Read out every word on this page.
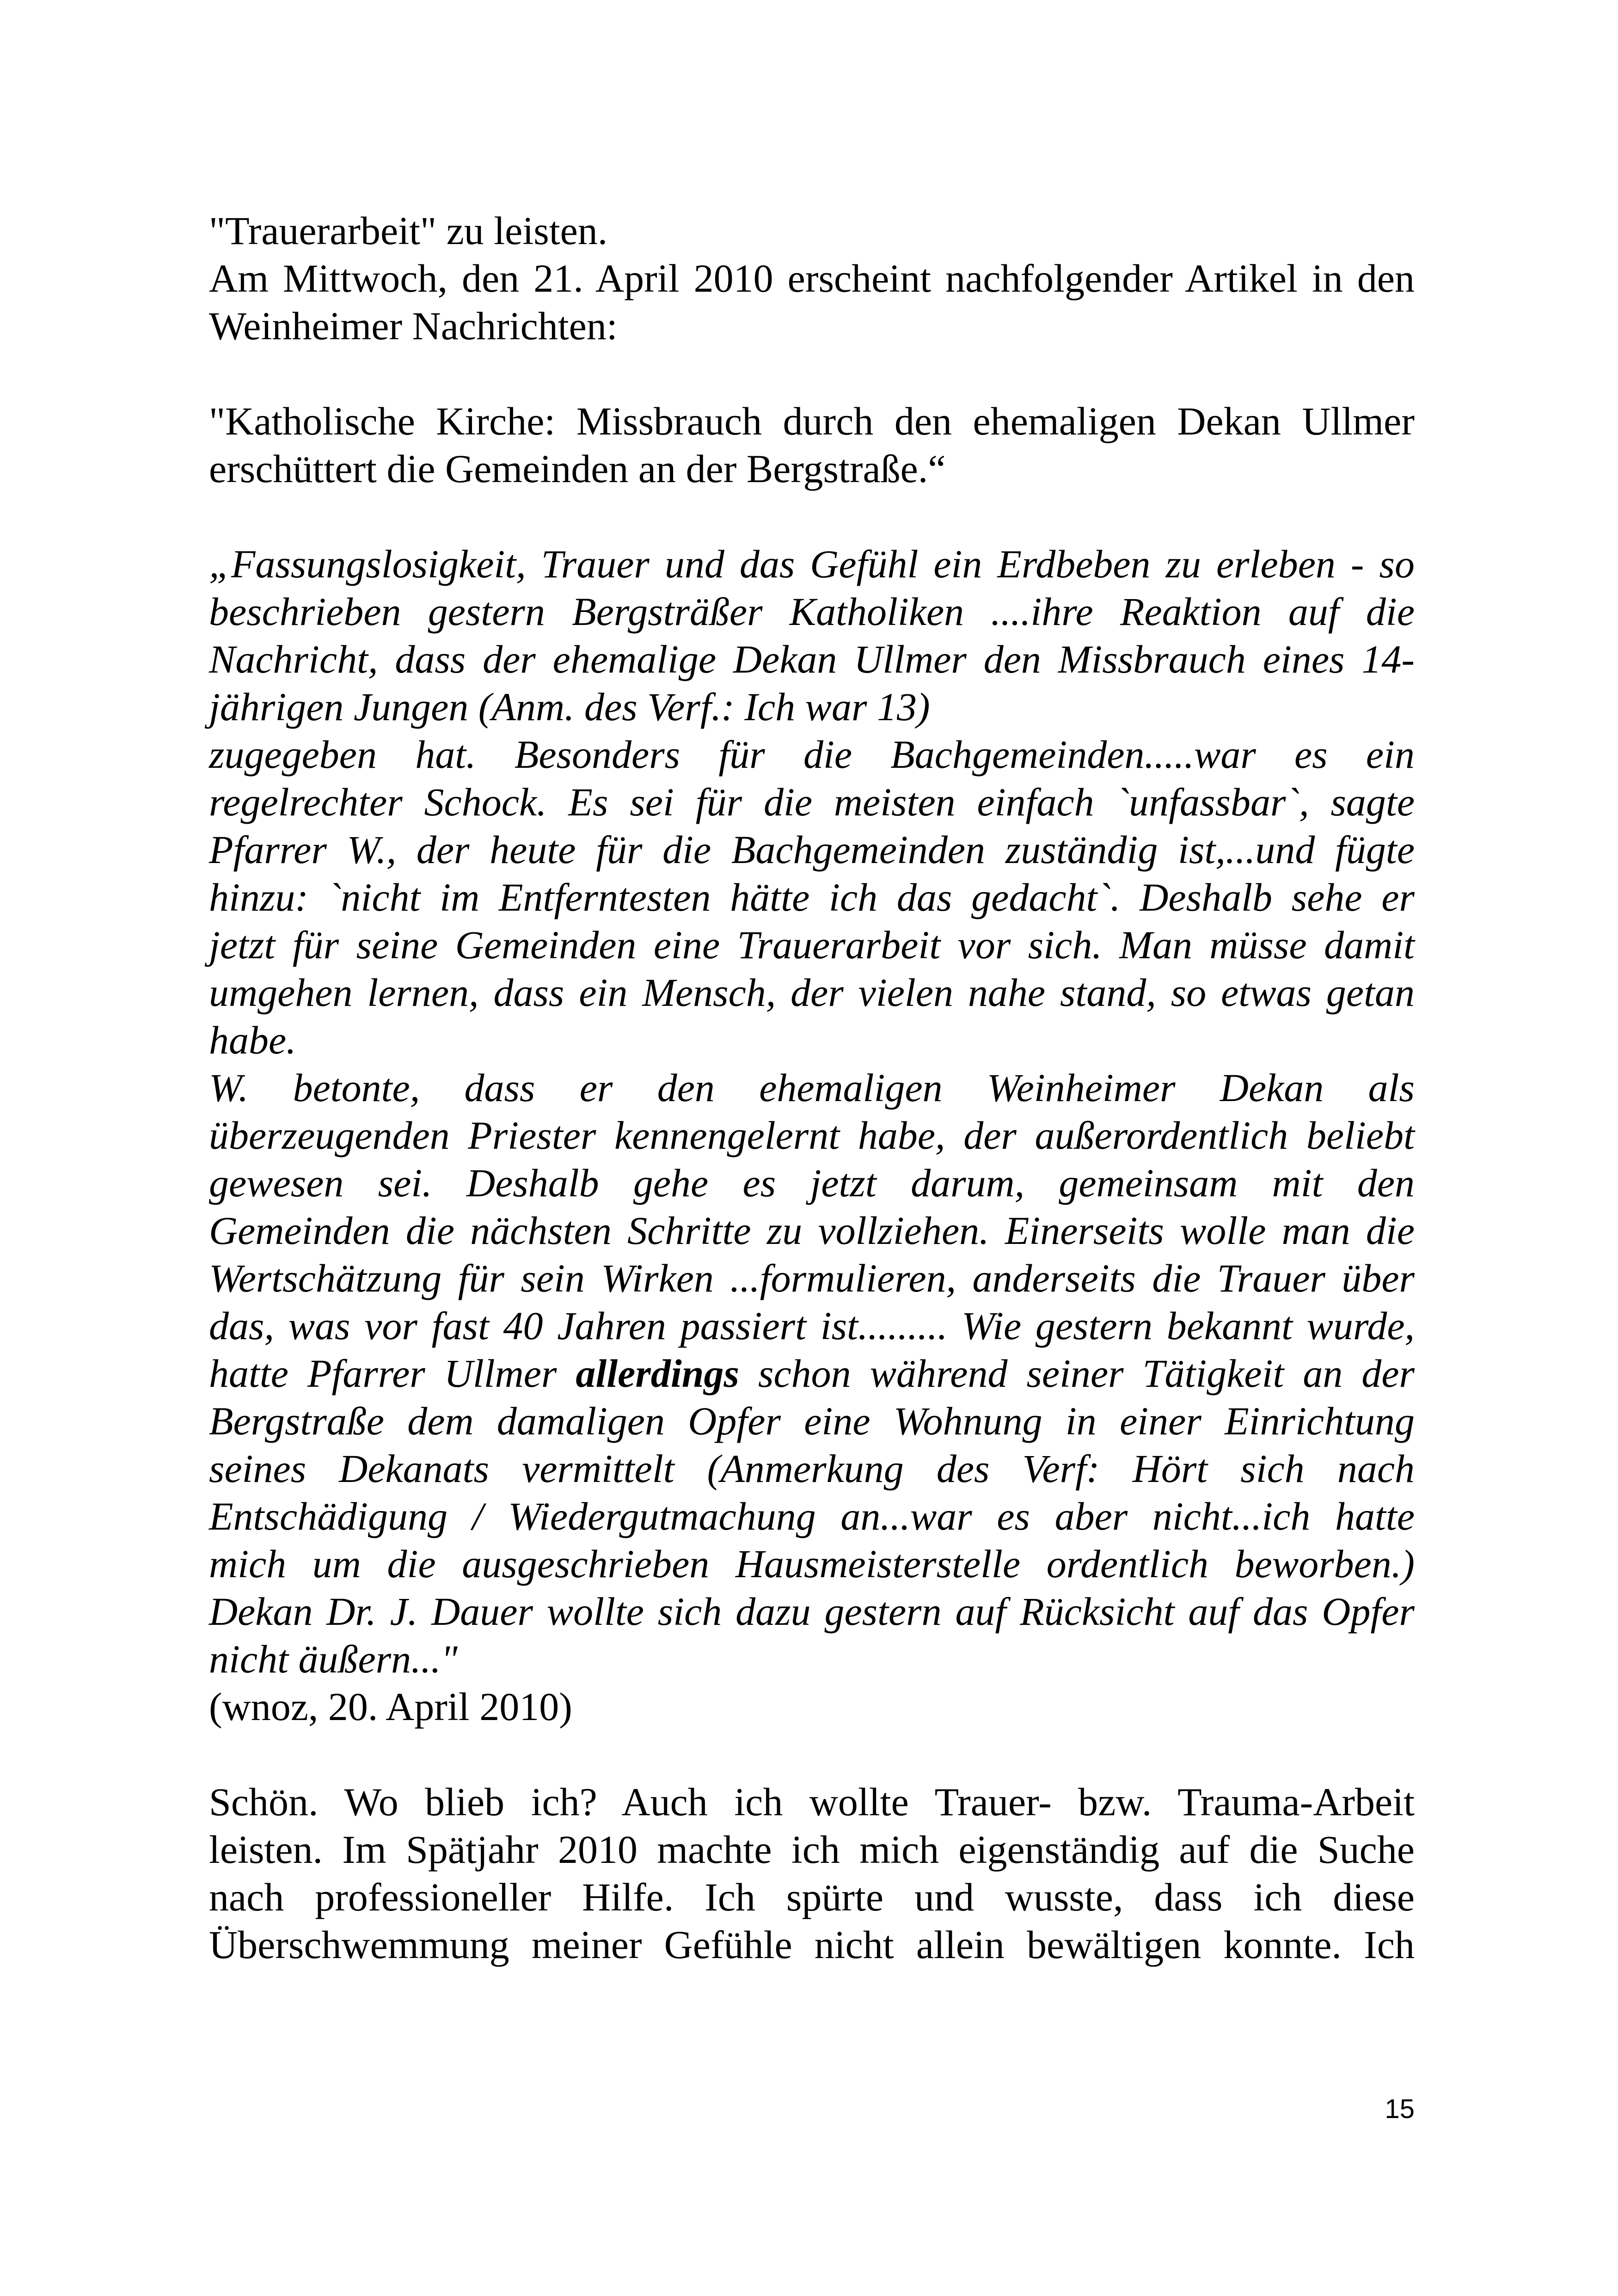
"Trauerarbeit" zu leisten.
Am Mittwoch, den 21. April 2010 erscheint nachfolgender Artikel in den
Weinheimer Nachrichten:
"Katholische Kirche: Missbrauch durch den ehemaligen Dekan Ullmer
erschüttert die Gemeinden an der Bergstraße.“
„Fassungslosigkeit, Trauer und das Gefühl ein Erdbeben zu erleben - so
beschrieben gestern Bergsträßer Katholiken ....ihre Reaktion auf die
Nachricht, dass der ehemalige Dekan Ullmer den Missbrauch eines 14-
jährigen Jungen (Anm. des Verf.: Ich war 13)
zugegeben hat. Besonders für die Bachgemeinden.....war es ein
regelrechter Schock. Es sei für die meisten einfach `unfassbar`, sagte
Pfarrer W., der heute für die Bachgemeinden zuständig ist,...und fügte
hinzu: `nicht im Entferntesten hätte ich das gedacht`. Deshalb sehe er
jetzt für seine Gemeinden eine Trauerarbeit vor sich. Man müsse damit
umgehen lernen, dass ein Mensch, der vielen nahe stand, so etwas getan
habe.
W. betonte, dass er den ehemaligen Weinheimer Dekan als
überzeugenden Priester kennengelernt habe, der außerordentlich beliebt
gewesen sei. Deshalb gehe es jetzt darum, gemeinsam mit den
Gemeinden die nächsten Schritte zu vollziehen. Einerseits wolle man die
Wertschätzung für sein Wirken ...formulieren, anderseits die Trauer über
das, was vor fast 40 Jahren passiert ist......... Wie gestern bekannt wurde,
hatte Pfarrer Ullmer allerdings schon während seiner Tätigkeit an der
Bergstraße dem damaligen Opfer eine Wohnung in einer Einrichtung
seines Dekanats vermittelt (Anmerkung des Verf: Hört sich nach
Entschädigung / Wiedergutmachung an...war es aber nicht...ich hatte
mich um die ausgeschrieben Hausmeisterstelle ordentlich beworben.)
Dekan Dr. J. Dauer wollte sich dazu gestern auf Rücksicht auf das Opfer
nicht äußern..."
(wnoz, 20. April 2010)
Schön. Wo blieb ich? Auch ich wollte Trauer- bzw. Trauma-Arbeit
leisten. Im Spätjahr 2010 machte ich mich eigenständig auf die Suche
nach professioneller Hilfe. Ich spürte und wusste, dass ich diese
Überschwemmung meiner Gefühle nicht allein bewältigen konnte. Ich
15
